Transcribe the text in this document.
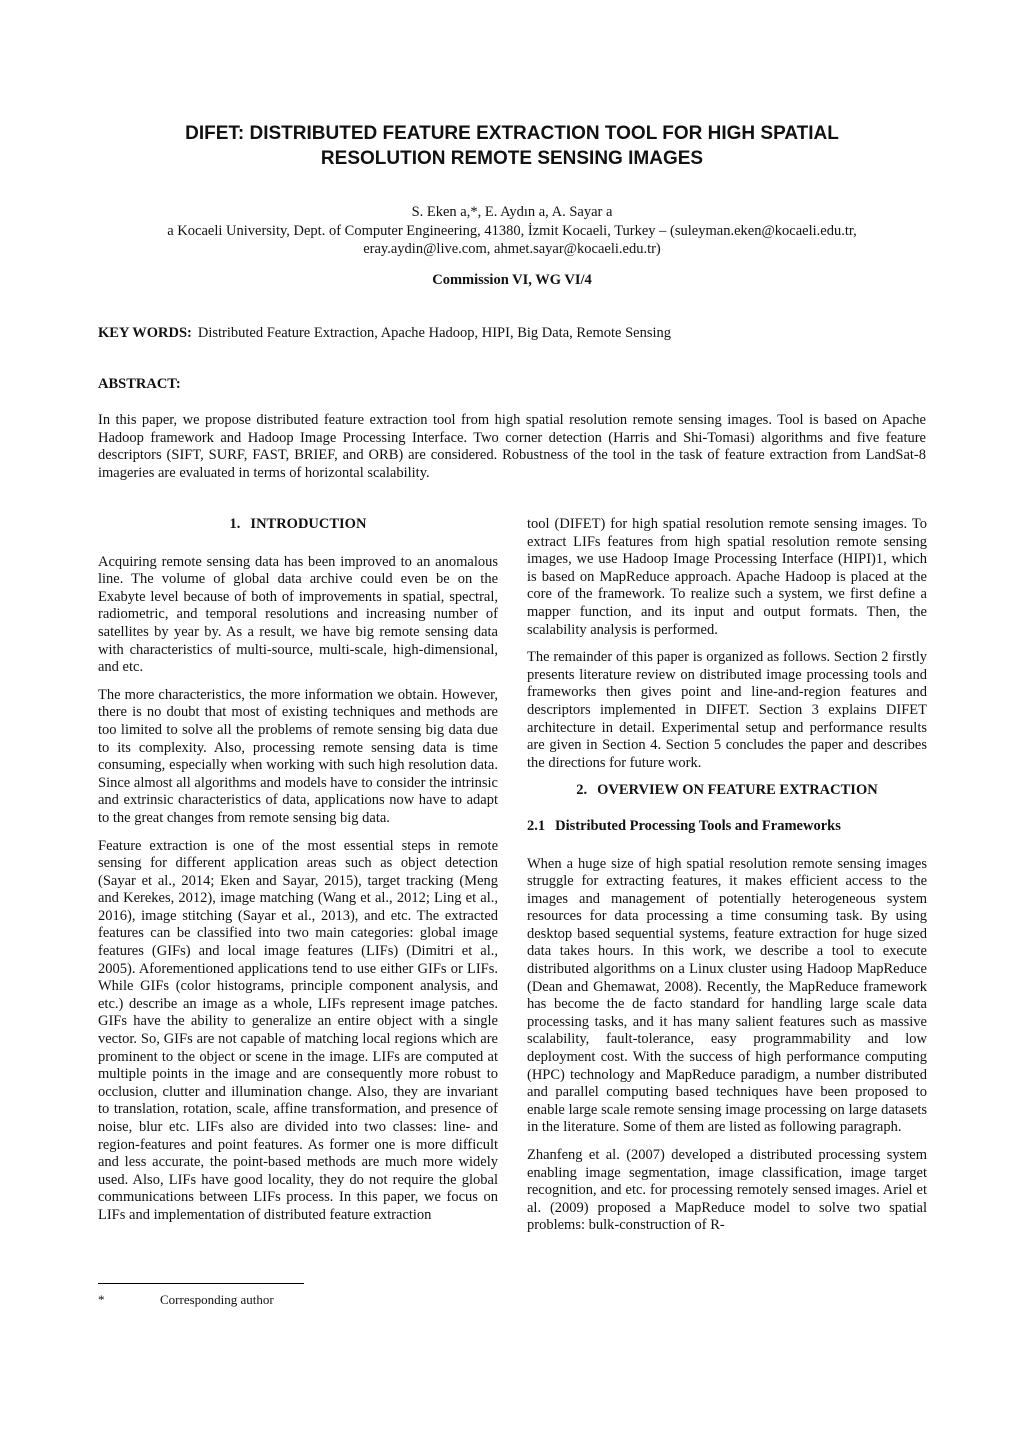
DIFET: DISTRIBUTED FEATURE EXTRACTION TOOL FOR HIGH SPATIAL
RESOLUTION REMOTE SENSING IMAGES
S. Eken a,*, E. Aydın a, A. Sayar a
a Kocaeli University, Dept. of Computer Engineering, 41380, İzmit Kocaeli, Turkey – (suleyman.eken@kocaeli.edu.tr,
eray.aydin@live.com, ahmet.sayar@kocaeli.edu.tr)
Commission VI, WG VI/4
KEY WORDS: Distributed Feature Extraction, Apache Hadoop, HIPI, Big Data, Remote Sensing
ABSTRACT:

In this paper, we propose distributed feature extraction tool from high spatial resolution remote sensing images. Tool is based on Apache Hadoop framework and Hadoop Image Processing Interface. Two corner detection (Harris and Shi-Tomasi) algorithms and five feature descriptors (SIFT, SURF, FAST, BRIEF, and ORB) are considered. Robustness of the tool in the task of feature extraction from LandSat-8 imageries are evaluated in terms of horizontal scalability.

1. INTRODUCTION

Acquiring remote sensing data has been improved to an anomalous line. The volume of global data archive could even be on the Exabyte level because of both of improvements in spatial, spectral, radiometric, and temporal resolutions and increasing number of satellites by year by. As a result, we have big remote sensing data with characteristics of multi-source, multi-scale, high-dimensional, and etc.

The more characteristics, the more information we obtain. However, there is no doubt that most of existing techniques and methods are too limited to solve all the problems of remote sensing big data due to its complexity. Also, processing remote sensing data is time consuming, especially when working with such high resolution data. Since almost all algorithms and models have to consider the intrinsic and extrinsic characteristics of data, applications now have to adapt to the great changes from remote sensing big data.

Feature extraction is one of the most essential steps in remote sensing for different application areas such as object detection (Sayar et al., 2014; Eken and Sayar, 2015), target tracking (Meng and Kerekes, 2012), image matching (Wang et al., 2012; Ling et al., 2016), image stitching (Sayar et al., 2013), and etc. The extracted features can be classified into two main categories: global image features (GIFs) and local image features (LIFs) (Dimitri et al., 2005). Aforementioned applications tend to use either GIFs or LIFs. While GIFs (color histograms, principle component analysis, and etc.) describe an image as a whole, LIFs represent image patches. GIFs have the ability to generalize an entire object with a single vector. So, GIFs are not capable of matching local regions which are prominent to the object or scene in the image. LIFs are computed at multiple points in the image and are consequently more robust to occlusion, clutter and illumination change. Also, they are invariant to translation, rotation, scale, affine transformation, and presence of noise, blur etc. LIFs also are divided into two classes: line- and region-features and point features. As former one is more difficult and less accurate, the point-based methods are much more widely used. Also, LIFs have good locality, they do not require the global communications between LIFs process. In this paper, we focus on LIFs and implementation of distributed feature extraction

tool (DIFET) for high spatial resolution remote sensing images. To extract LIFs features from high spatial resolution remote sensing images, we use Hadoop Image Processing Interface (HIPI)1, which is based on MapReduce approach. Apache Hadoop is placed at the core of the framework. To realize such a system, we first define a mapper function, and its input and output formats. Then, the scalability analysis is performed.

The remainder of this paper is organized as follows. Section 2 firstly presents literature review on distributed image processing tools and frameworks then gives point and line-and-region features and descriptors implemented in DIFET. Section 3 explains DIFET architecture in detail. Experimental setup and performance results are given in Section 4. Section 5 concludes the paper and describes the directions for future work.

2. OVERVIEW ON FEATURE EXTRACTION
2.1 Distributed Processing Tools and Frameworks

When a huge size of high spatial resolution remote sensing images struggle for extracting features, it makes efficient access to the images and management of potentially heterogeneous system resources for data processing a time consuming task. By using desktop based sequential systems, feature extraction for huge sized data takes hours. In this work, we describe a tool to execute distributed algorithms on a Linux cluster using Hadoop MapReduce (Dean and Ghemawat, 2008). Recently, the MapReduce framework has become the de facto standard for handling large scale data processing tasks, and it has many salient features such as massive scalability, fault-tolerance, easy programmability and low deployment cost. With the success of high performance computing (HPC) technology and MapReduce paradigm, a number distributed and parallel computing based techniques have been proposed to enable large scale remote sensing image processing on large datasets in the literature. Some of them are listed as following paragraph.

Zhanfeng et al. (2007) developed a distributed processing system enabling image segmentation, image classification, image target recognition, and etc. for processing remotely sensed images. Ariel et al. (2009) proposed a MapReduce model to solve two spatial problems: bulk-construction of R-

*	Corresponding author
